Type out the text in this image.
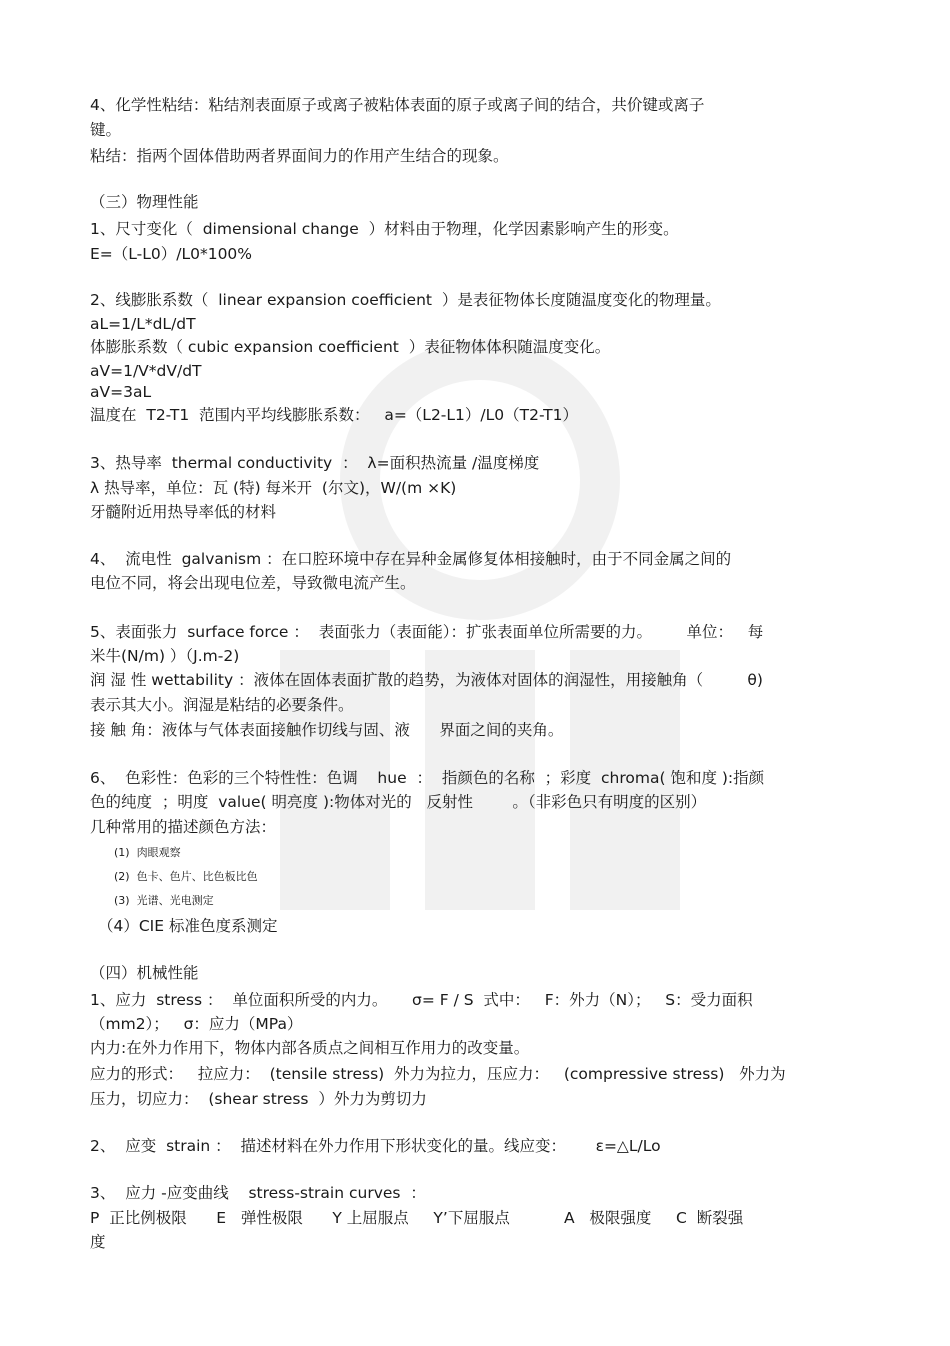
4、化学性粘结：粘结剂表面原子或离子被粘体表面的原子或离子间的结合，共价键或离子
键。
粘结：指两个固体借助两者界面间力的作用产生结合的现象。
（三）物理性能
1、尺寸变化（  dimensional change  ）材料由于物理，化学因素影响产生的形变。
E=（L-L0）/L0*100%
2、线膨胀系数（  linear expansion coefficient  ）是表征物体长度随温度变化的物理量。
aL=1/L*dL/dT
体膨胀系数（ cubic expansion coefficient  ）表征物体体积随温度变化。
aV=1/V*dV/dT
aV=3aL
温度在  T2-T1  范围内平均线膨胀系数：   a=（L2-L1）/L0（T2-T1）
3、热导率  thermal conductivity  ：  λ=面积热流量 /温度梯度
λ 热导率，单位：瓦 (特) 每米开  (尔文)，W/(m ×K)
牙髓附近用热导率低的材料
4、  流电性  galvanism ：在口腔环境中存在异种金属修复体相接触时，由于不同金属之间的
电位不同，将会出现电位差，导致微电流产生。
5、表面张力  surface force ：  表面张力（表面能）：扩张表面单位所需要的力。       单位：   每
米牛(N/m) ）（J.m-2)
润 湿 性 wettability ：液体在固体表面扩散的趋势，为液体对固体的润湿性，用接触角（         θ)
表示其大小。润湿是粘结的必要条件。
接 触 角：液体与气体表面接触作切线与固、液      界面之间的夹角。
6、  色彩性：色彩的三个特性性：色调    hue  ：  指颜色的名称  ；彩度  chroma( 饱和度 ):指颜
色的纯度  ；明度  value( 明亮度 ):物体对光的   反射性        。（非彩色只有明度的区别）
几种常用的描述颜色方法：
(1)  肉眼观察
(2)  色卡、色片、比色板比色
(3)  光谱、光电测定
（4）CIE 标准色度系测定
（四）机械性能
1、应力  stress ：  单位面积所受的内力。     σ= F / S  式中：   F：外力（N）；   S：受力面积
（mm2）；   σ：应力（MPa）
内力:在外力作用下，物体内部各质点之间相互作用力的改变量。
应力的形式：   拉应力：  (tensile stress)  外力为拉力，压应力：   (compressive stress)   外力为
压力，切应力：  (shear stress  ）外力为剪切力
2、  应变  strain ：  描述材料在外力作用下形状变化的量。线应变：      ε=△L/Lo
3、  应力 -应变曲线    stress-strain curves  ：
P  正比例极限      E   弹性极限      Y 上屈服点     Y’下屈服点           A   极限强度     C  断裂强
度
